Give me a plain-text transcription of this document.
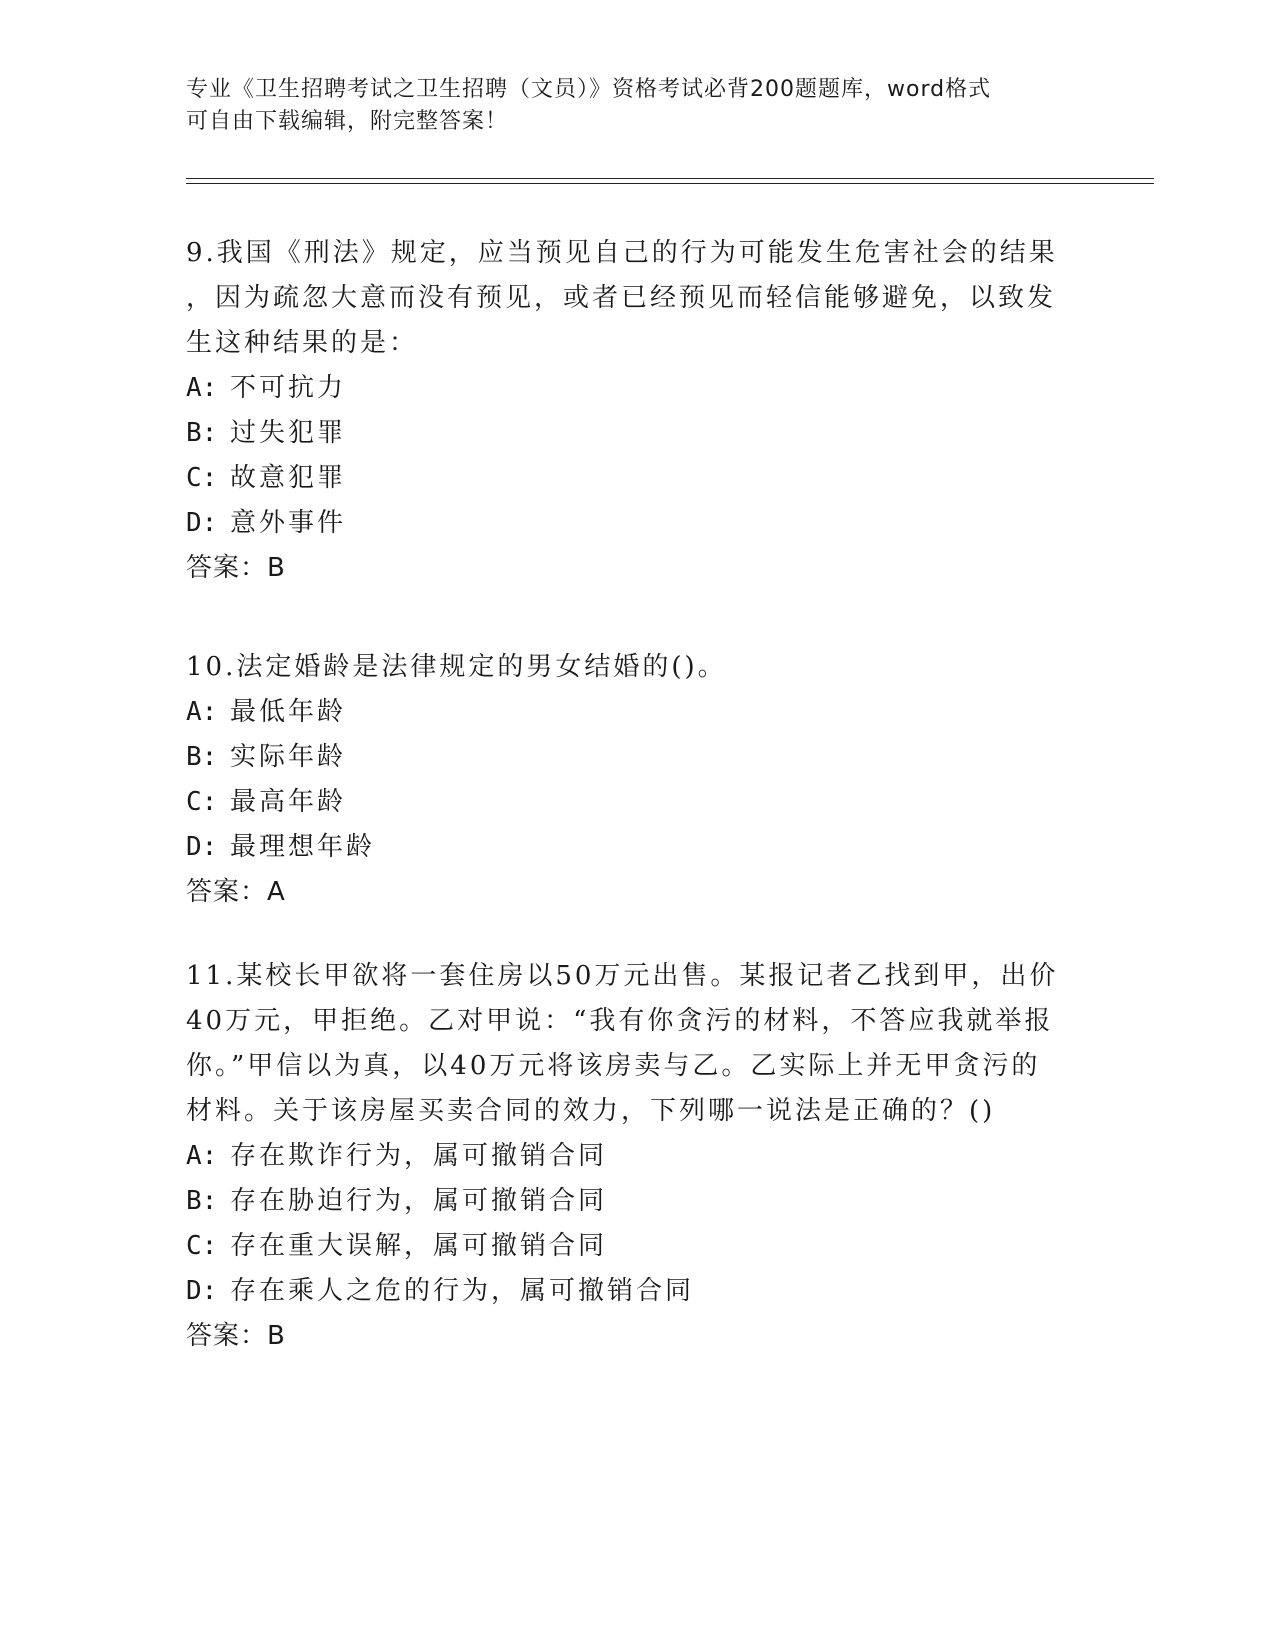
专业《卫生招聘考试之卫生招聘（文员）》资格考试必背200题题库，word格式
可自由下载编辑，附完整答案！
9.我国《刑法》规定，应当预见自己的行为可能发生危害社会的结果
，因为疏忽大意而没有预见，或者已经预见而轻信能够避免，以致发
生这种结果的是：
A: 不可抗力
B: 过失犯罪
C: 故意犯罪
D: 意外事件
答案：B
10.法定婚龄是法律规定的男女结婚的()。
A: 最低年龄
B: 实际年龄
C: 最高年龄
D: 最理想年龄
答案：A
11.某校长甲欲将一套住房以50万元出售。某报记者乙找到甲，出价
40万元，甲拒绝。乙对甲说：“我有你贪污的材料，不答应我就举报
你。”甲信以为真，以40万元将该房卖与乙。乙实际上并无甲贪污的
材料。关于该房屋买卖合同的效力，下列哪一说法是正确的？()
A: 存在欺诈行为，属可撤销合同
B: 存在胁迫行为，属可撤销合同
C: 存在重大误解，属可撤销合同
D: 存在乘人之危的行为，属可撤销合同
答案：B
